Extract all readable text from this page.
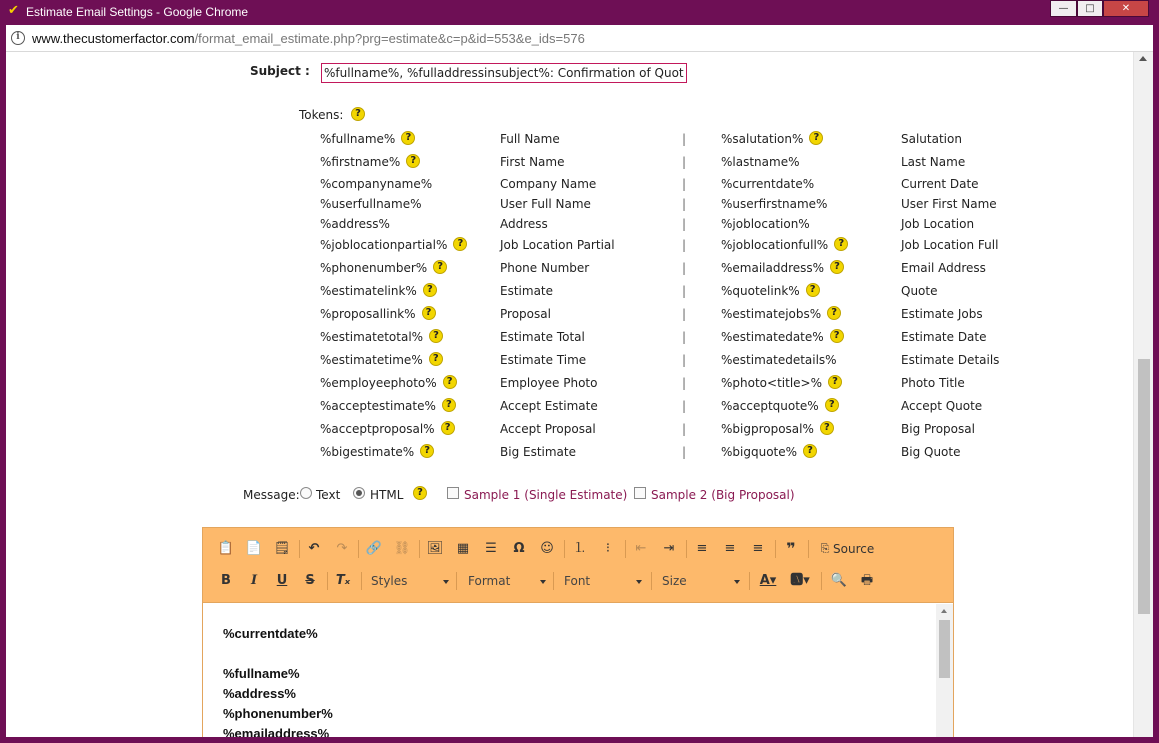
✔ Estimate Email Settings - Google Chrome	—	□	✕
i www.thecustomerfactor.com/format_email_estimate.php?prg=estimate&c=p&id=553&e_ids=576
Subject :
%fullname%, %fulladdressinsubject%: Confirmation of Quote
Tokens:	?
%fullname% ?	Full Name	|	%salutation% ?	Salutation
%firstname% ?	First Name	|	%lastname%	Last Name
%companyname%	Company Name	|	%currentdate%	Current Date
%userfullname%	User Full Name	|	%userfirstname%	User First Name
%address%	Address	|	%joblocation%	Job Location
%joblocationpartial% ?	Job Location Partial	|	%joblocationfull% ?	Job Location Full
%phonenumber% ?	Phone Number	|	%emailaddress% ?	Email Address
%estimatelink% ?	Estimate	|	%quotelink% ?	Quote
%proposallink% ?	Proposal	|	%estimatejobs% ?	Estimate Jobs
%estimatetotal% ?	Estimate Total	|	%estimatedate% ?	Estimate Date
%estimatetime% ?	Estimate Time	|	%estimatedetails%	Estimate Details
%employeephoto% ?	Employee Photo	|	%photo<title>% ?	Photo Title
%acceptestimate% ?	Accept Estimate	|	%acceptquote% ?	Accept Quote
%acceptproposal% ?	Accept Proposal	|	%bigproposal% ?	Big Proposal
%bigestimate% ?	Big Estimate	|	%bigquote% ?	Big Quote
Message: Text HTML	?	Sample 1 (Single Estimate) Sample 2 (Big Proposal)
📋 📄 🗒	↶	↷	🔗 ⛓ 🖼	▦	☰	Ω	☺	⒈	⁝	⇤	⇥	≡	≡	≡	❞	⎘ Source
B	I	U	S	Tₓ	Styles	Format	Font	Size	A▾ 🅰▾ 🔍	🖶
%currentdate%
%fullname%
%address%
%phonenumber%
%emailaddress%
